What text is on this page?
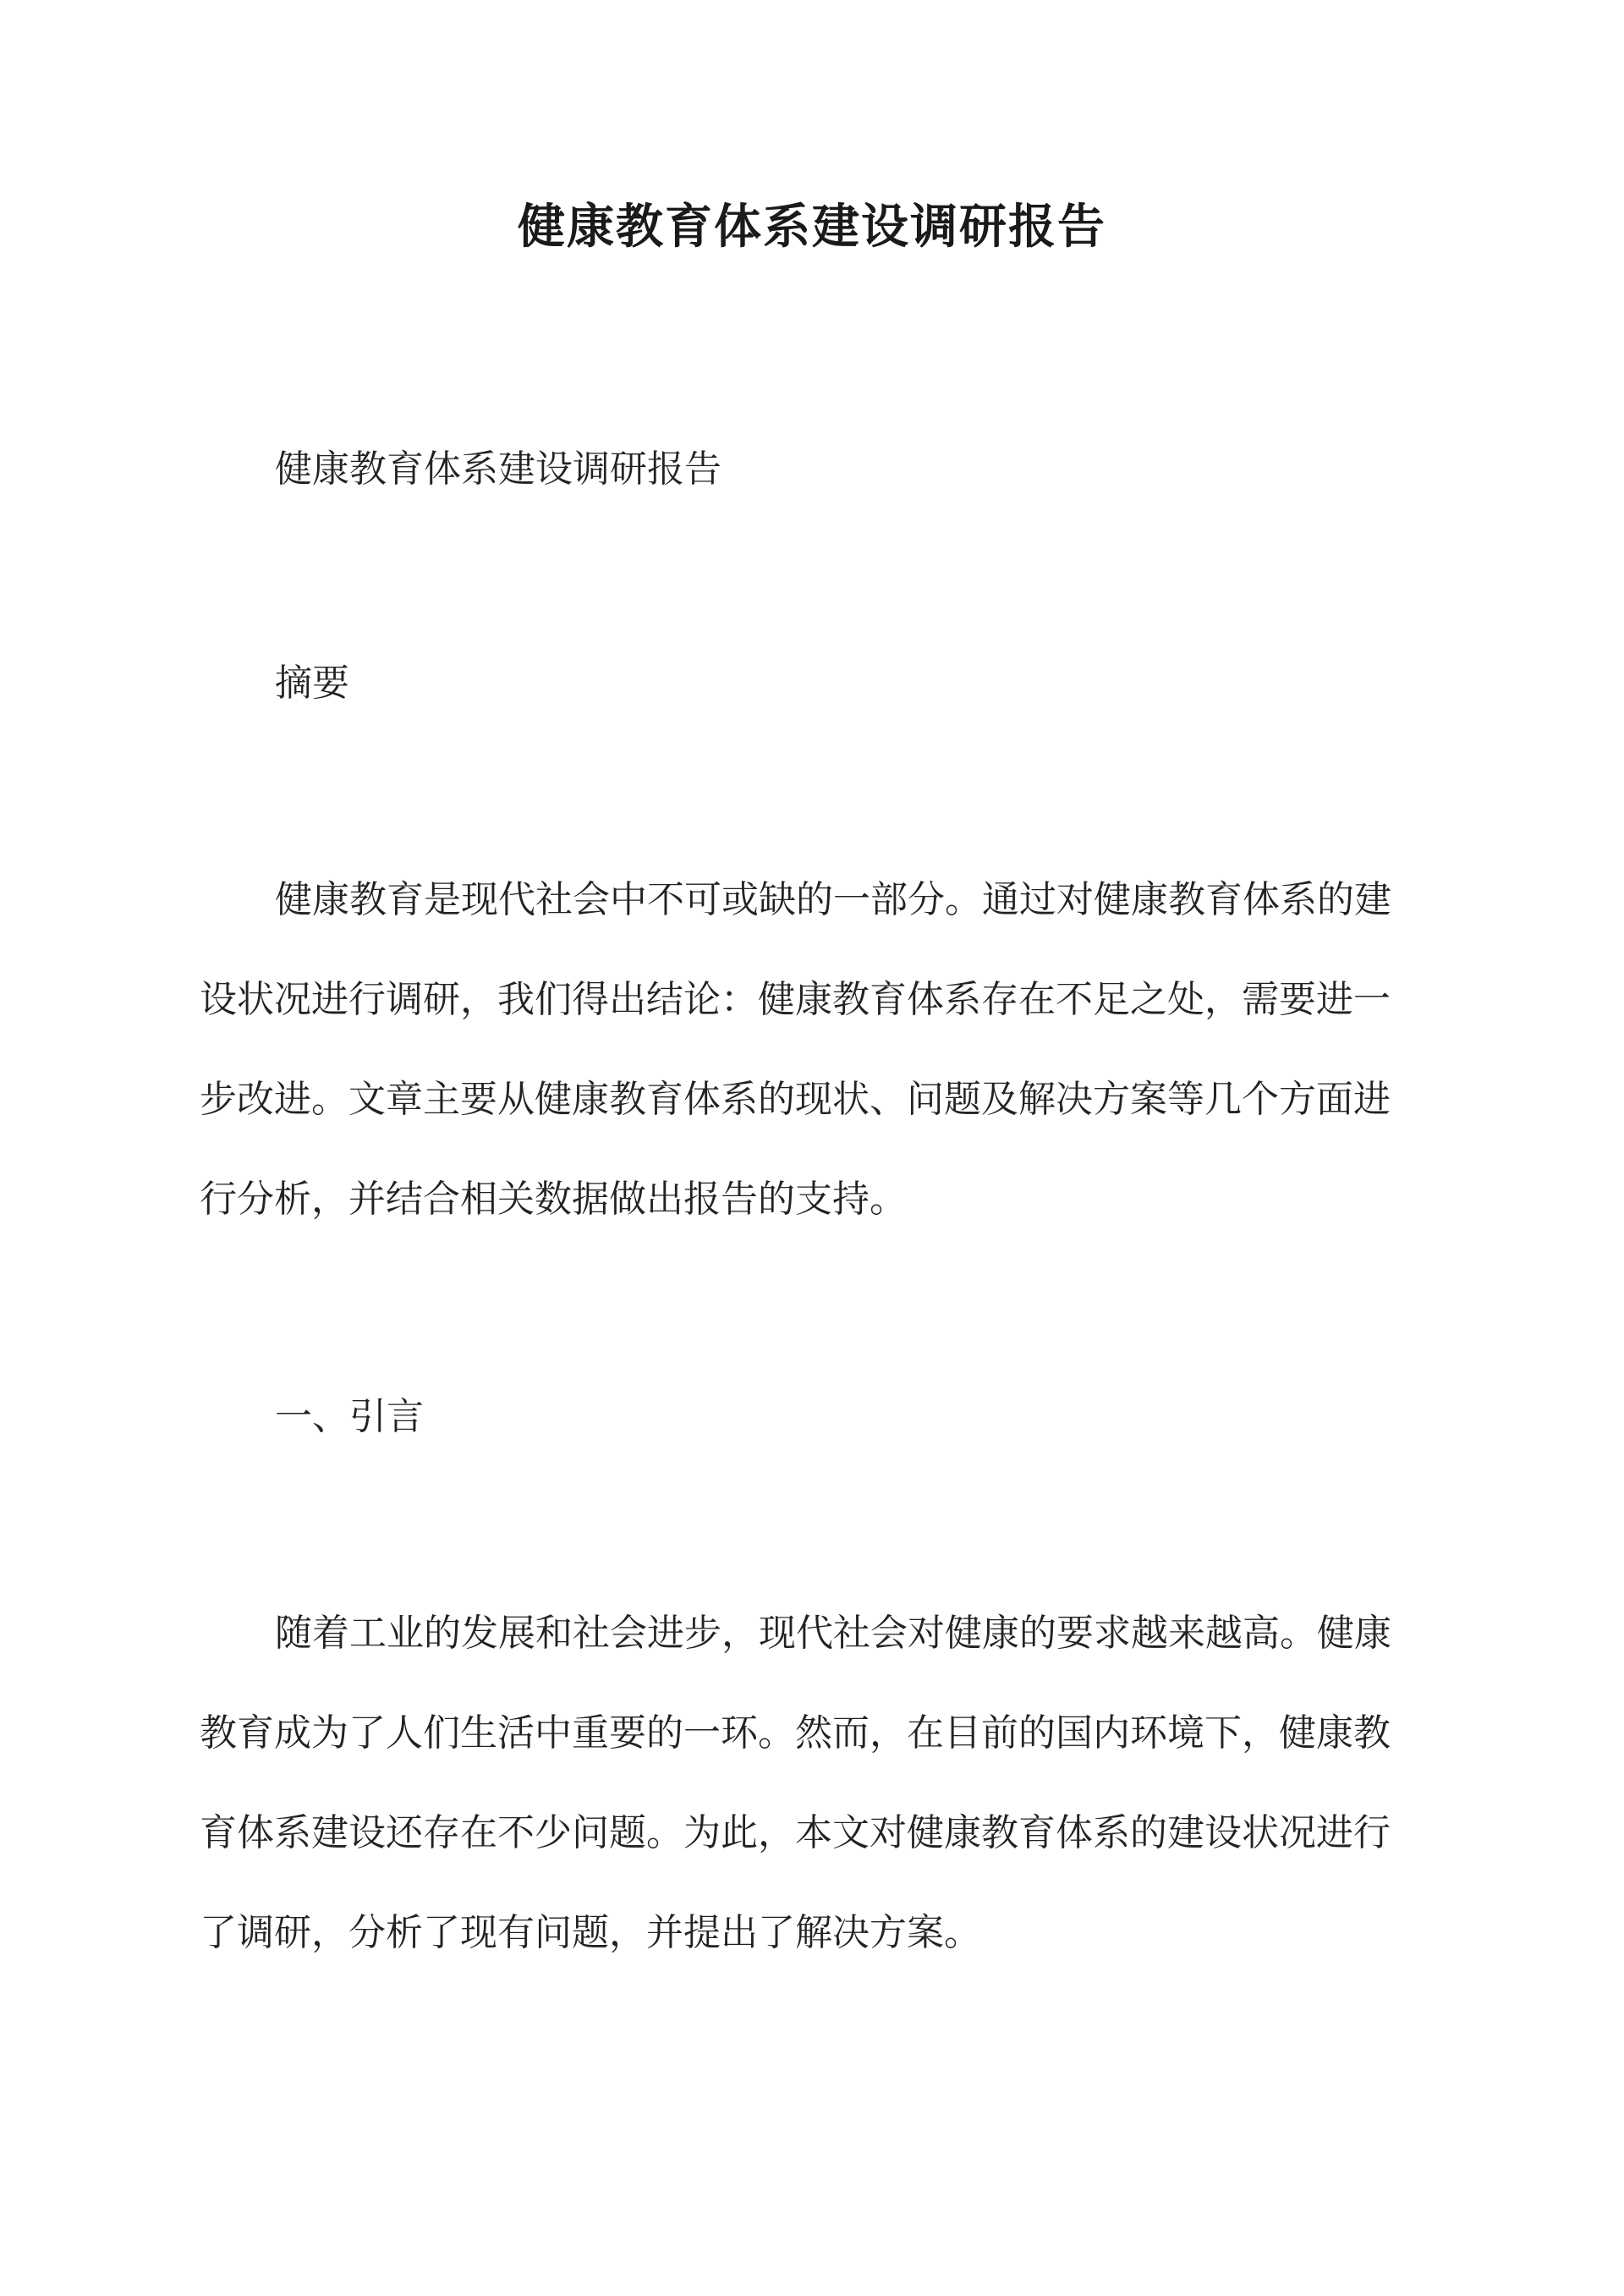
健康教育体系建设调研报告
健康教育体系建设调研报告
摘要
健康教育是现代社会中不可或缺的一部分。通过对健康教育体系的建
设状况进行调研，我们得出结论：健康教育体系存在不足之处，需要进一
步改进。文章主要从健康教育体系的现状、问题及解决方案等几个方面进
行分析，并结合相关数据做出报告的支持。
一、引言
随着工业的发展和社会进步，现代社会对健康的要求越来越高。健康
教育成为了人们生活中重要的一环。然而，在目前的国内环境下，健康教
育体系建设还存在不少问题。为此，本文对健康教育体系的建设状况进行
了调研，分析了现有问题，并提出了解决方案。
